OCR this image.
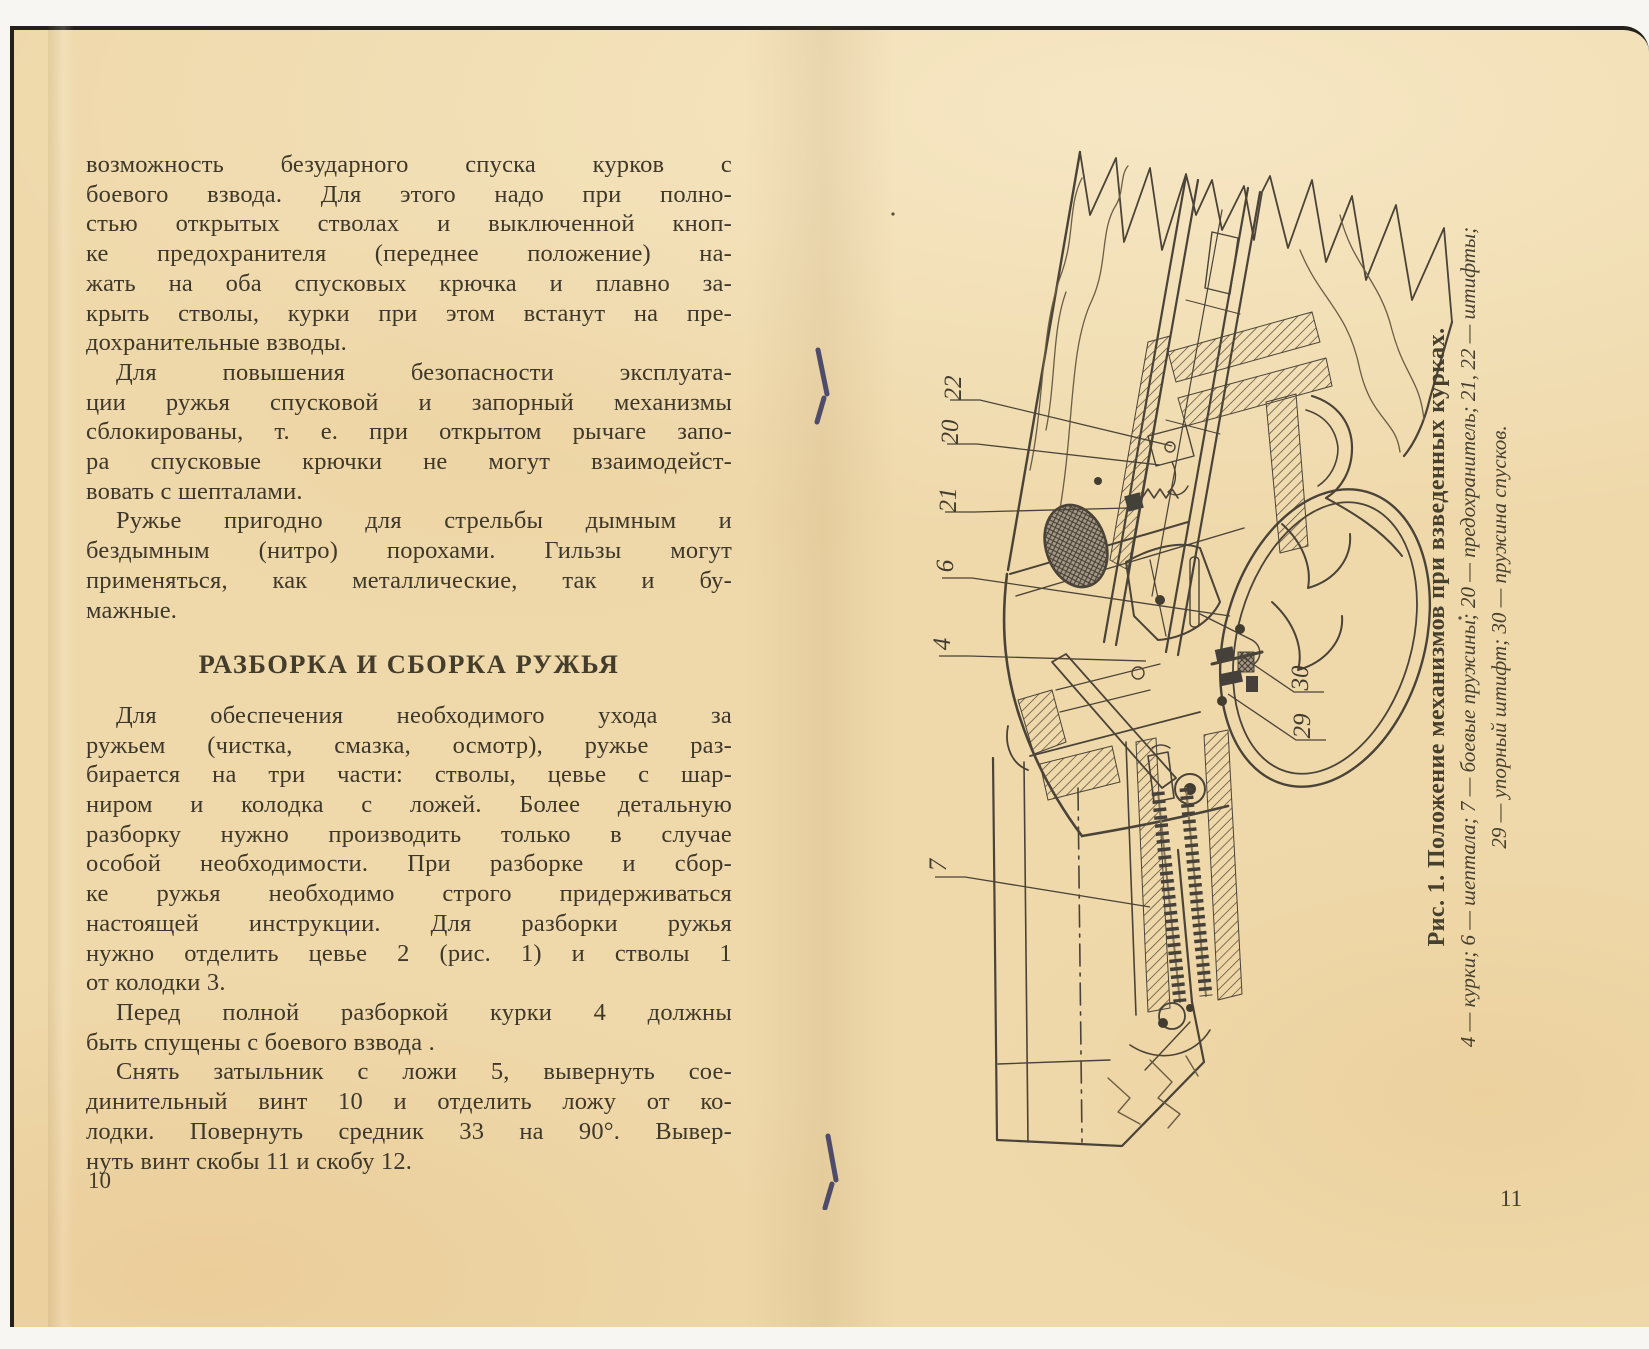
возможность безударного спуска курков с
боевого взвода. Для этого надо при полно-
стью открытых стволах и выключенной кноп-
ке предохранителя (переднее положение) на-
жать на оба спусковых крючка и плавно за-
крыть стволы, курки при этом встанут на пре-
дохранительные взводы.
Для повышения безопасности эксплуата-
ции ружья спусковой и запорный механизмы
сблокированы, т. е. при открытом рычаге запо-
ра спусковые крючки не могут взаимодейст-
вовать с шепталами.
Ружье пригодно для стрельбы дымным и
бездымным (нитро) порохами. Гильзы могут
применяться, как металлические, так и бу-
мажные.
РАЗБОРКА И СБОРКА РУЖЬЯ
Для обеспечения необходимого ухода за
ружьем (чистка, смазка, осмотр), ружье раз-
бирается на три части: стволы, цевье с шар-
ниром и колодка с ложей. Более детальную
разборку нужно производить только в случае
особой необходимости. При разборке и сбор-
ке ружья необходимо строго придерживаться
настоящей инструкции. Для разборки ружья
нужно отделить цевье 2 (рис. 1) и стволы 1
от колодки 3.
Перед полной разборкой курки 4 должны
быть спущены с боевого взвода .
Снять затыльник с ложи 5, вывернуть сое-
динительный винт 10 и отделить ложу от ко-
лодки. Повернуть средник 33 на 90°. Вывер-
нуть винт скобы 11 и скобу 12.
10
11
22
20
21
6
4
7
30
29	Рис. 1. Положение механизмов при взведенных курках. 4 — курки; 6 — шептала; 7 — боевые пружины; 20 — предохранитель; 21, 22 — штифты; 29 — упорный штифт; 30 — пружина спусков.
